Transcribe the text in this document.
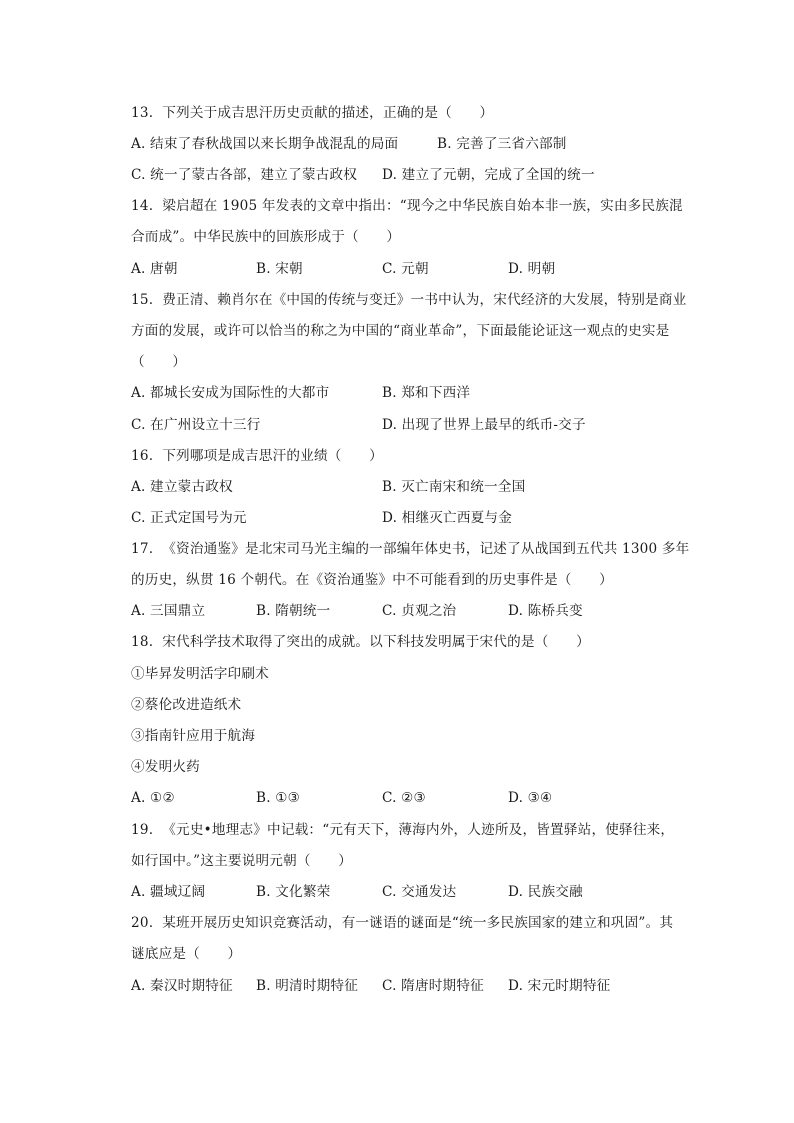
13.  下列关于成吉思汗历史贡献的描述，正确的是（　　）
A. 结束了春秋战国以来长期争战混乱的局面	B. 完善了三省六部制
C. 统一了蒙古各部，建立了蒙古政权 D. 建立了元朝，完成了全国的统一
14.  梁启超在 1905 年发表的文章中指出：“现今之中华民族自始本非一族，实由多民族混
合而成”。中华民族中的回族形成于（　　）
A. 唐朝	B. 宋朝	C. 元朝	D. 明朝
15.  费正清、赖肖尔在《中国的传统与变迁》一书中认为，宋代经济的大发展，特别是商业
方面的发展，或许可以恰当的称之为中国的“商业革命”，下面最能论证这一观点的史实是
（　　）
A. 都城长安成为国际性的大都市	B. 郑和下西洋
C. 在广州设立十三行	D. 出现了世界上最早的纸币-交子
16.  下列哪项是成吉思汗的业绩（　　）
A. 建立蒙古政权	B. 灭亡南宋和统一全国
C. 正式定国号为元	D. 相继灭亡西夏与金
17.  《资治通鉴》是北宋司马光主编的一部编年体史书，记述了从战国到五代共 1300 多年
的历史，纵贯 16 个朝代。在《资治通鉴》中不可能看到的历史事件是（　　）
A. 三国鼎立	B. 隋朝统一	C. 贞观之治	D. 陈桥兵变
18.  宋代科学技术取得了突出的成就。以下科技发明属于宋代的是（　　）
①毕昇发明活字印刷术
②蔡伦改进造纸术
③指南针应用于航海
④发明火药
A. ①②	B. ①③	C. ②③	D. ③④
19.  《元史•地理志》中记载：“元有天下，薄海内外，人迹所及，皆置驿站，使驿往来，
如行国中。”这主要说明元朝（　　）
A. 疆域辽阔	B. 文化繁荣	C. 交通发达	D. 民族交融
20.  某班开展历史知识竞赛活动，有一谜语的谜面是“统一多民族国家的建立和巩固”。其
谜底应是（　　）
A. 秦汉时期特征 B. 明清时期特征 C. 隋唐时期特征 D. 宋元时期特征
